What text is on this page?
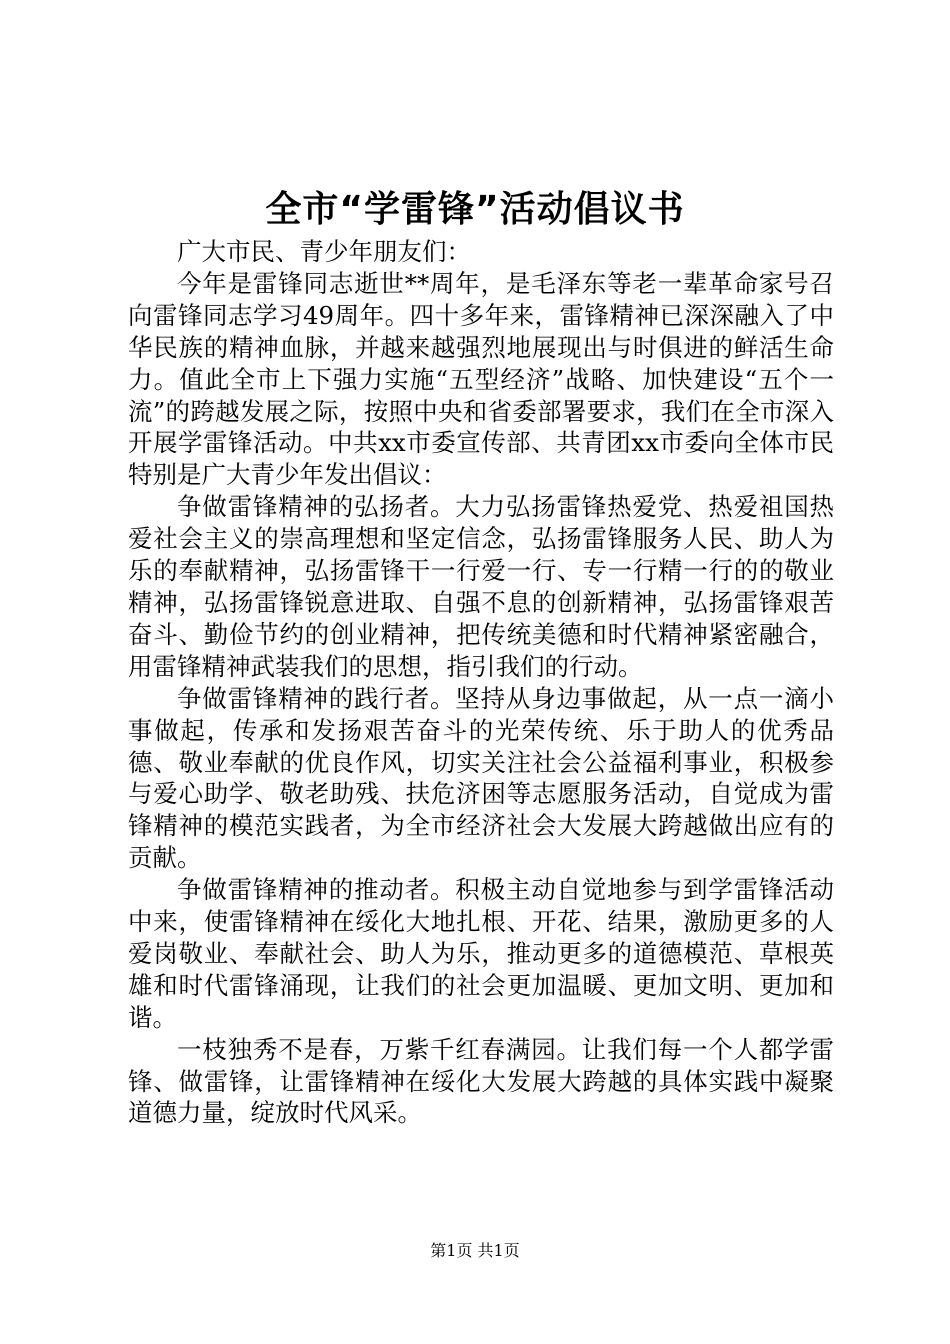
全市“学雷锋”活动倡议书

广大市民、青少年朋友们：

今年是雷锋同志逝世**周年，是毛泽东等老一辈革命家号召向雷锋同志学习49周年。四十多年来，雷锋精神已深深融入了中华民族的精神血脉，并越来越强烈地展现出与时俱进的鲜活生命力。值此全市上下强力实施“五型经济”战略、加快建设“五个一流”的跨越发展之际，按照中央和省委部署要求，我们在全市深入开展学雷锋活动。中共xx市委宣传部、共青团xx市委向全体市民特别是广大青少年发出倡议：

争做雷锋精神的弘扬者。大力弘扬雷锋热爱党、热爱祖国热爱社会主义的崇高理想和坚定信念，弘扬雷锋服务人民、助人为乐的奉献精神，弘扬雷锋干一行爱一行、专一行精一行的的敬业精神，弘扬雷锋锐意进取、自强不息的创新精神，弘扬雷锋艰苦奋斗、勤俭节约的创业精神，把传统美德和时代精神紧密融合，用雷锋精神武装我们的思想，指引我们的行动。

争做雷锋精神的践行者。坚持从身边事做起，从一点一滴小事做起，传承和发扬艰苦奋斗的光荣传统、乐于助人的优秀品德、敬业奉献的优良作风，切实关注社会公益福利事业，积极参与爱心助学、敬老助残、扶危济困等志愿服务活动，自觉成为雷锋精神的模范实践者，为全市经济社会大发展大跨越做出应有的贡献。

争做雷锋精神的推动者。积极主动自觉地参与到学雷锋活动中来，使雷锋精神在绥化大地扎根、开花、结果，激励更多的人爱岗敬业、奉献社会、助人为乐，推动更多的道德模范、草根英雄和时代雷锋涌现，让我们的社会更加温暖、更加文明、更加和谐。

一枝独秀不是春，万紫千红春满园。让我们每一个人都学雷锋、做雷锋，让雷锋精神在绥化大发展大跨越的具体实践中凝聚道德力量，绽放时代风采。

第1页 共1页
